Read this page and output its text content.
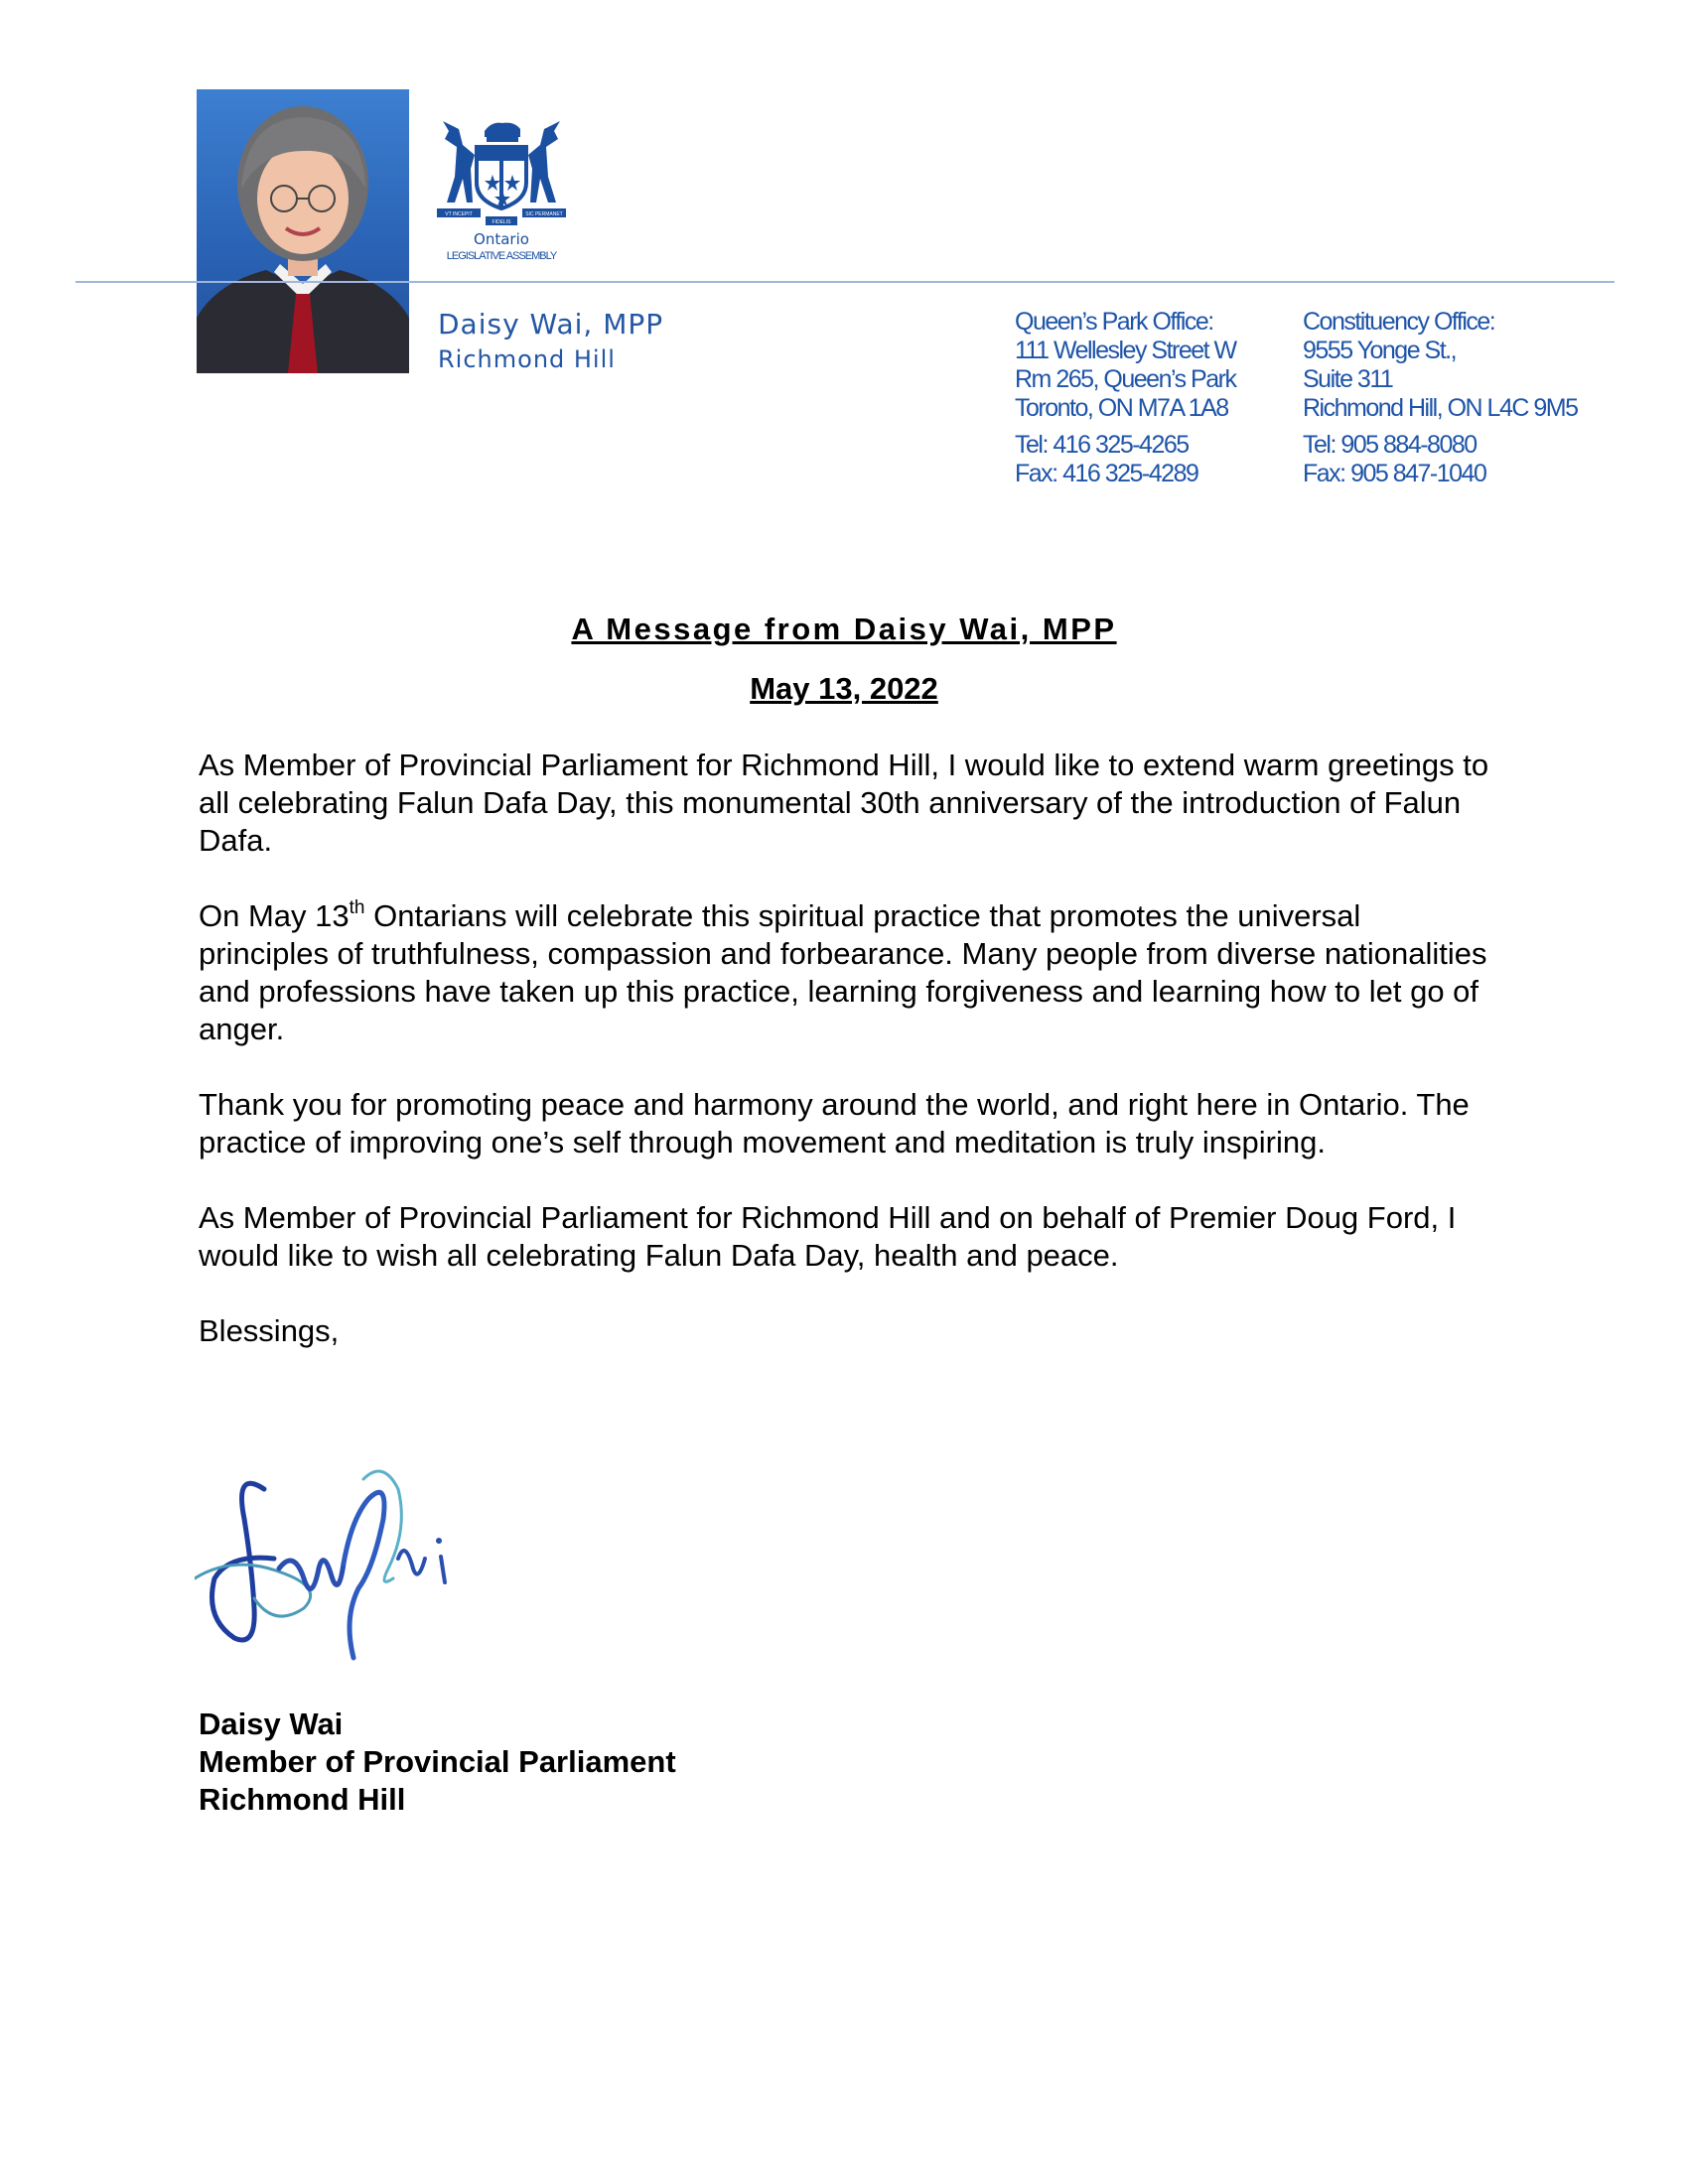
VT INCEPIT	SIC PERMANET
FIDELIS
Ontario
LEGISLATIVE ASSEMBLY
Daisy Wai, MPP
Richmond Hill
Queen’s Park Office:
111 Wellesley Street W
Rm 265, Queen’s Park
Toronto, ON M7A 1A8
Tel: 416 325-4265
Fax: 416 325-4289
Constituency Office:
9555 Yonge St.,
Suite 311
Richmond Hill, ON L4C 9M5
Tel: 905 884-8080
Fax: 905 847-1040
A Message from Daisy Wai, MPP
May 13, 2022

As Member of Provincial Parliament for Richmond Hill, I would like to extend warm greetings to all celebrating Falun Dafa Day, this monumental 30th anniversary of the introduction of Falun Dafa.

On May 13th Ontarians will celebrate this spiritual practice that promotes the universal principles of truthfulness, compassion and forbearance. Many people from diverse nationalities and professions have taken up this practice, learning forgiveness and learning how to let go of anger.

Thank you for promoting peace and harmony around the world, and right here in Ontario. The practice of improving one’s self through movement and meditation is truly inspiring.

As Member of Provincial Parliament for Richmond Hill and on behalf of Premier Doug Ford, I would like to wish all celebrating Falun Dafa Day, health and peace.

Blessings,

Daisy Wai
Member of Provincial Parliament
Richmond Hill
